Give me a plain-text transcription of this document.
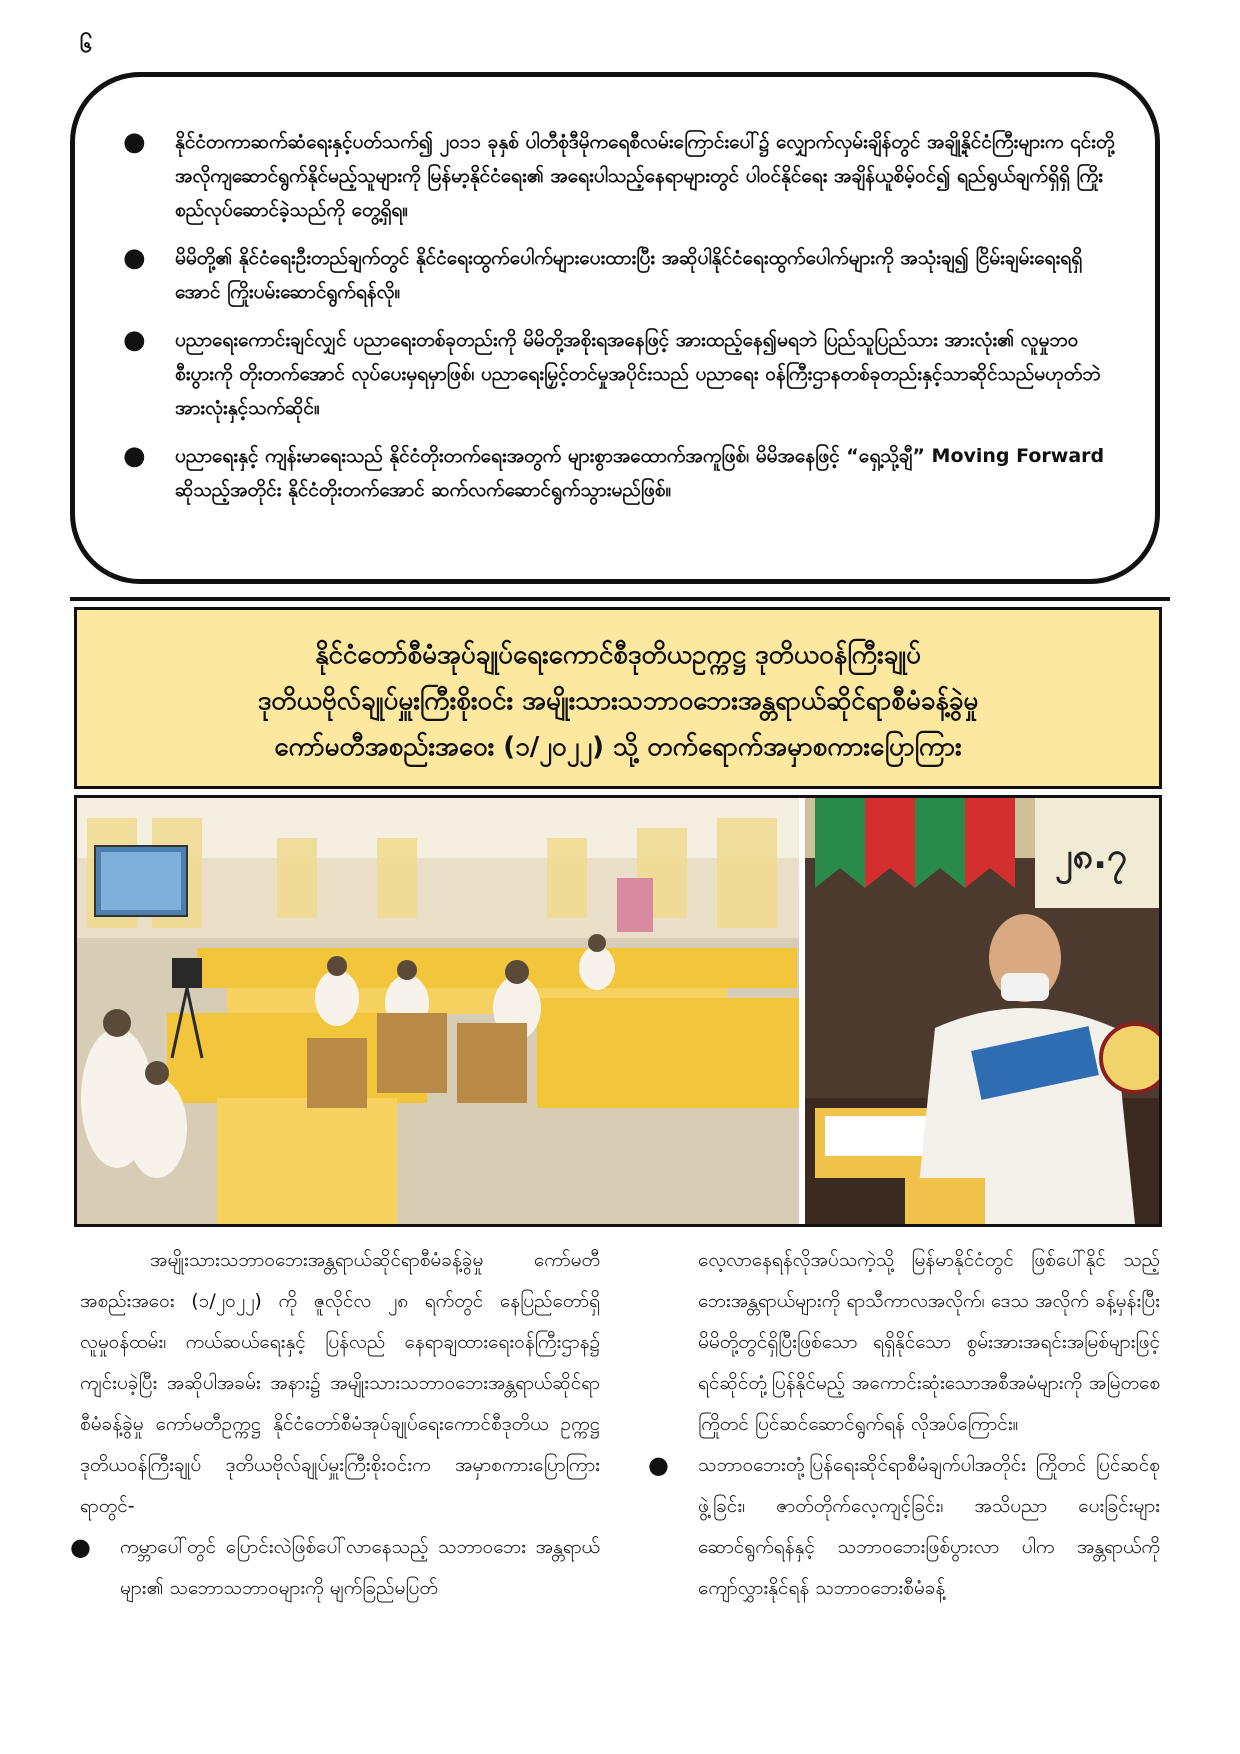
၆
● နိုင်ငံတကာဆက်ဆံရေးနှင့်ပတ်သက်၍ ၂၀၁၁ ခုနှစ် ပါတီစုံဒီမိုကရေစီလမ်းကြောင်းပေါ်၌ လျှောက်လှမ်းချိန်တွင် အချို့နိုင်ငံကြီးများက ၎င်းတို့အလိုကျဆောင်ရွက်နိုင်မည့်သူများကို မြန်မာ့နိုင်ငံရေး၏ အရေးပါသည့်နေရာများတွင် ပါဝင်နိုင်ရေး အချိန်ယူစိမ့်ဝင်၍ ရည်ရွယ်ချက်ရှိရှိ ကြိုးစည်လုပ်ဆောင်ခဲ့သည်ကို တွေ့ရှိရ။
● မိမိတို့၏ နိုင်ငံရေးဦးတည်ချက်တွင် နိုင်ငံရေးထွက်ပေါက်များပေးထားပြီး အဆိုပါနိုင်ငံရေးထွက်ပေါက်များကို အသုံးချ၍ ငြိမ်းချမ်းရေးရရှိအောင် ကြိုးပမ်းဆောင်ရွက်ရန်လို။
● ပညာရေးကောင်းချင်လျှင် ပညာရေးတစ်ခုတည်းကို မိမိတို့အစိုးရအနေဖြင့် အားထည့်နေ၍မရဘဲ ပြည်သူပြည်သား အားလုံး၏ လူမှုဘဝစီးပွားကို တိုးတက်အောင် လုပ်ပေးမှရမှာဖြစ်၊ ပညာရေးမြှင့်တင်မှုအပိုင်းသည် ပညာရေး ဝန်ကြီးဌာနတစ်ခုတည်းနှင့်သာဆိုင်သည်မဟုတ်ဘဲ အားလုံးနှင့်သက်ဆိုင်။
● ပညာရေးနှင့် ကျန်းမာရေးသည် နိုင်ငံတိုးတက်ရေးအတွက် များစွာအထောက်အကူဖြစ်၊ မိမိအနေဖြင့် “ရှေ့သို့ချီ” Moving Forward ဆိုသည့်အတိုင်း နိုင်ငံတိုးတက်အောင် ဆက်လက်ဆောင်ရွက်သွားမည်ဖြစ်။

နိုင်ငံတော်စီမံအုပ်ချုပ်ရေးကောင်စီဒုတိယဥက္ကဋ္ဌ ဒုတိယဝန်ကြီးချုပ်

ဒုတိယဗိုလ်ချုပ်မှူးကြီးစိုးဝင်း အမျိုးသားသဘာဝဘေးအန္တရာယ်ဆိုင်ရာစီမံခန့်ခွဲမှု

ကော်မတီအစည်းအဝေး (၁/၂၀၂၂) သို့ တက်ရောက်အမှာစကားပြောကြား

၂၈.၇

အမျိုးသားသဘာဝဘေးအန္တရာယ်ဆိုင်ရာစီမံခန့်ခွဲမှု ကော်မတီအစည်းအဝေး (၁/၂၀၂၂) ကို ဇူလိုင်လ ၂၈ ရက်တွင် နေပြည်တော်ရှိ လူမှုဝန်ထမ်း၊ ကယ်ဆယ်ရေးနှင့် ပြန်လည် နေရာချထားရေးဝန်ကြီးဌာန၌ ကျင်းပခဲ့ပြီး အဆိုပါအခမ်း အနား၌ အမျိုးသားသဘာဝဘေးအန္တရာယ်ဆိုင်ရာစီမံခန့်ခွဲမှု ကော်မတီဥက္ကဋ္ဌ နိုင်ငံတော်စီမံအုပ်ချုပ်ရေးကောင်စီဒုတိယ ဥက္ကဋ္ဌ ဒုတိယဝန်ကြီးချုပ် ဒုတိယဗိုလ်ချုပ်မှူးကြီးစိုးဝင်းက အမှာစကားပြောကြားရာတွင်-

● ကမ္ဘာပေါ်တွင် ပြောင်းလဲဖြစ်ပေါ်လာနေသည့် သဘာဝဘေး အန္တရာယ်များ၏ သဘောသဘာဝများကို မျက်ခြည်မပြတ်

လေ့လာနေရန်လိုအပ်သကဲ့သို့ မြန်မာနိုင်ငံတွင် ဖြစ်ပေါ်နိုင် သည့် ဘေးအန္တရာယ်များကို ရာသီကာလအလိုက်၊ ဒေသ အလိုက် ခန့်မှန်းပြီး မိမိတို့တွင်ရှိပြီးဖြစ်သော ရရှိနိုင်သော စွမ်းအားအရင်းအမြစ်များဖြင့် ရင်ဆိုင်တုံ့ပြန်နိုင်မည့် အကောင်းဆုံးသောအစီအမံများကို အမြဲတစေ ကြိုတင် ပြင်ဆင်ဆောင်ရွက်ရန် လိုအပ်ကြောင်း။

● သဘာဝဘေးတုံ့ပြန်ရေးဆိုင်ရာစီမံချက်ပါအတိုင်း ကြိုတင် ပြင်ဆင်စုဖွဲ့ခြင်း၊ ဇာတ်တိုက်လေ့ကျင့်ခြင်း၊ အသိပညာ ပေးခြင်းများ ဆောင်ရွက်ရန်နှင့် သဘာဝဘေးဖြစ်ပွားလာ ပါက အန္တရာယ်ကို ကျော်လွှားနိုင်ရန် သဘာဝဘေးစီမံခန့်
